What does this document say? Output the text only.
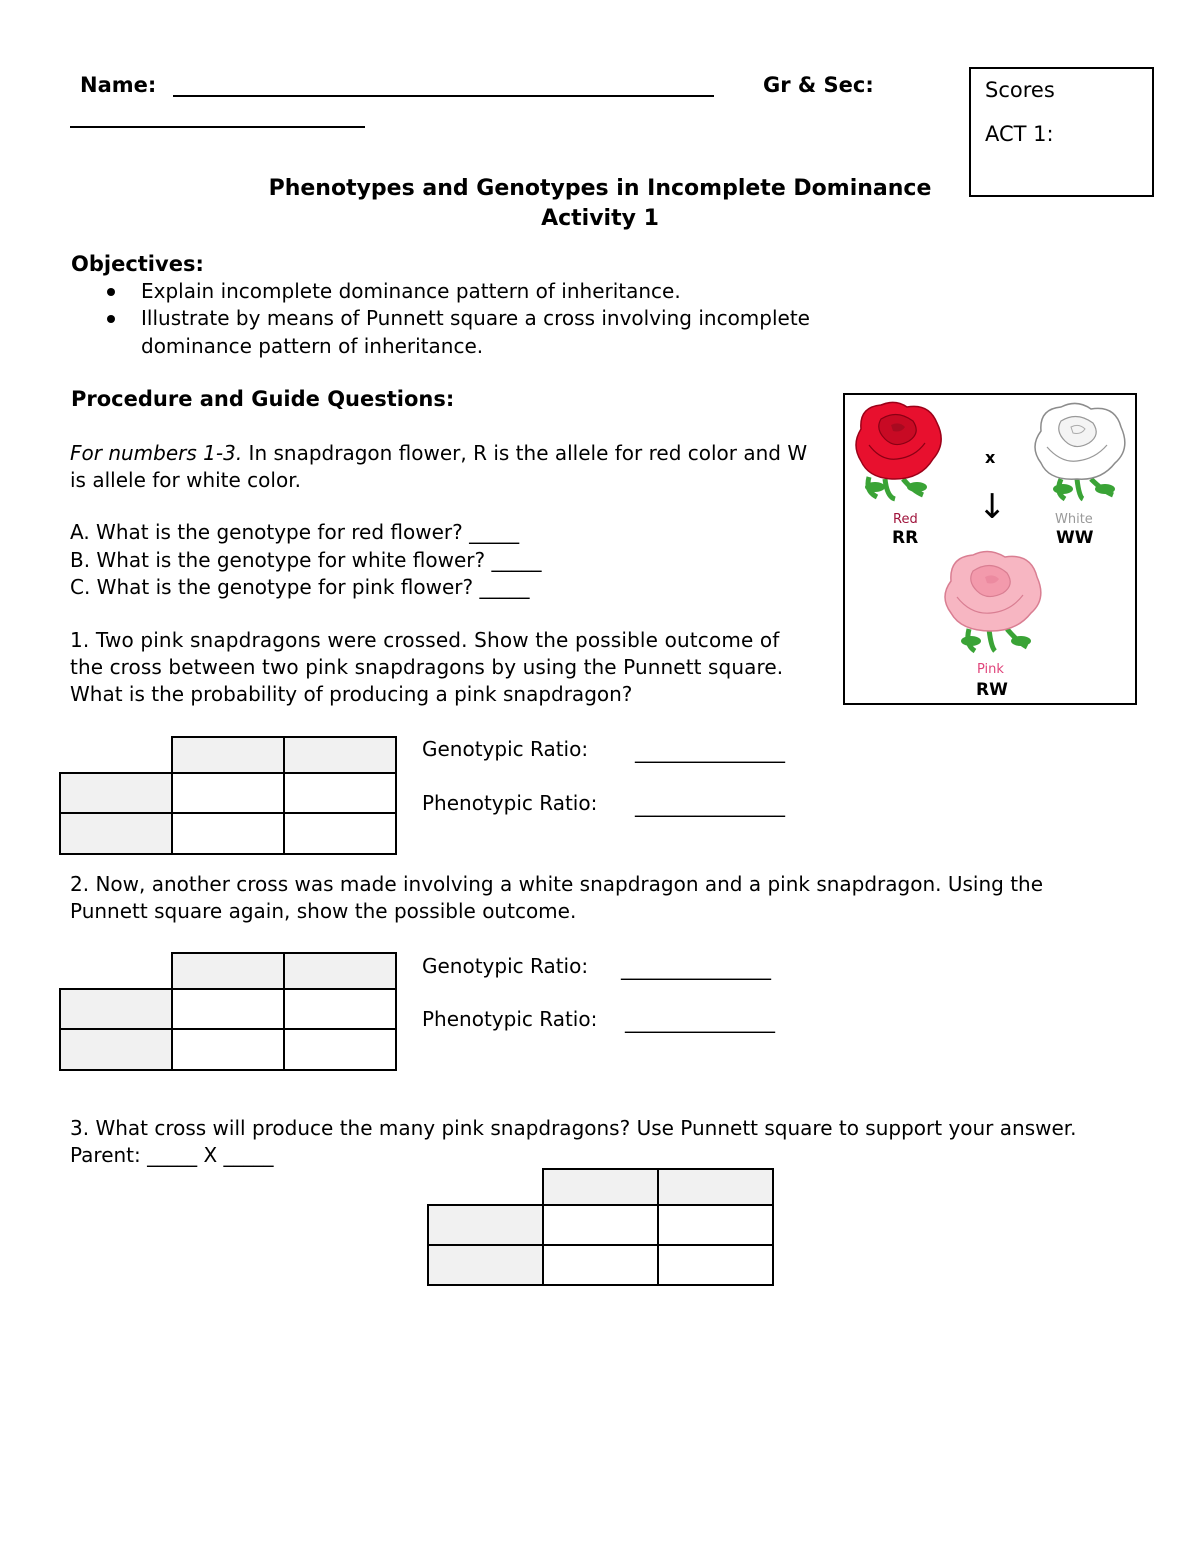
Name:	Gr & Sec:	Scores
ACT 1:
Phenotypes and Genotypes in Incomplete Dominance
Activity 1
Objectives:
Explain incomplete dominance pattern of inheritance.
Illustrate by means of Punnett square a cross involving incomplete
dominance pattern of inheritance.
Procedure and Guide Questions:
For numbers 1-3. In snapdragon flower, R is the allele for red color and W
is allele for white color.
A. What is the genotype for red flower? _____
B. What is the genotype for white flower? _____
C. What is the genotype for pink flower? _____
1. Two pink snapdragons were crossed. Show the possible outcome of
the cross between two pink snapdragons by using the Punnett square.
What is the probability of producing a pink snapdragon?

Genotypic Ratio: _______________
Phenotypic Ratio: _______________
2. Now, another cross was made involving a white snapdragon and a pink snapdragon. Using the
Punnett square again, show the possible outcome.

Genotypic Ratio: _______________
Phenotypic Ratio: _______________
3. What cross will produce the many pink snapdragons? Use Punnett square to support your answer.
Parent: _____ X _____

Red
RR
x
↓	White
WW
Pink
RW
